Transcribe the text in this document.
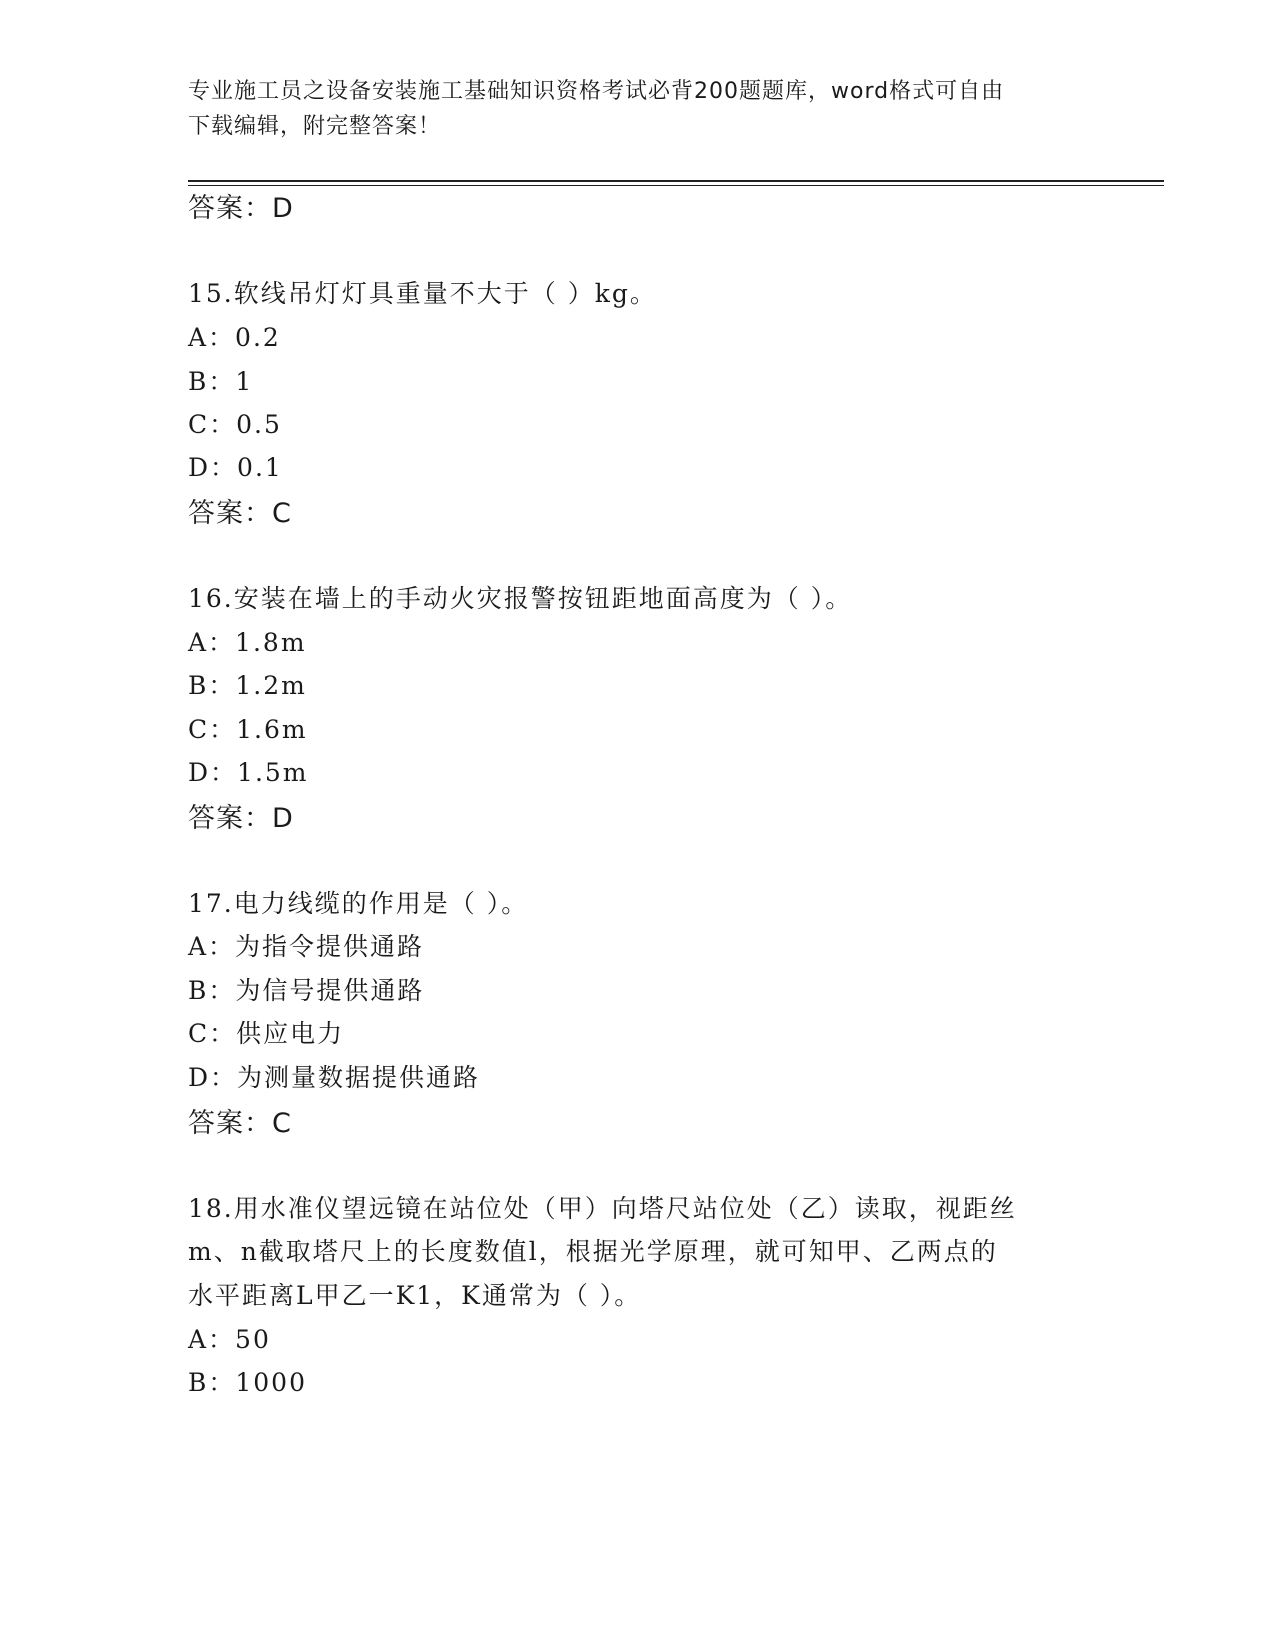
专业施工员之设备安装施工基础知识资格考试必背200题题库，word格式可自由
下载编辑，附完整答案！
答案：D
15.软线吊灯灯具重量不大于（ ）kg。
A：0.2
B：1
C：0.5
D：0.1
答案：C
16.安装在墙上的手动火灾报警按钮距地面高度为（ ）。
A：1.8m
B：1.2m
C：1.6m
D：1.5m
答案：D
17.电力线缆的作用是（ ）。
A：为指令提供通路
B：为信号提供通路
C：供应电力
D：为测量数据提供通路
答案：C
18.用水准仪望远镜在站位处（甲）向塔尺站位处（乙）读取，视距丝
m、n截取塔尺上的长度数值l，根据光学原理，就可知甲、乙两点的
水平距离L甲乙一K1，K通常为（ ）。
A：50
B：1000
